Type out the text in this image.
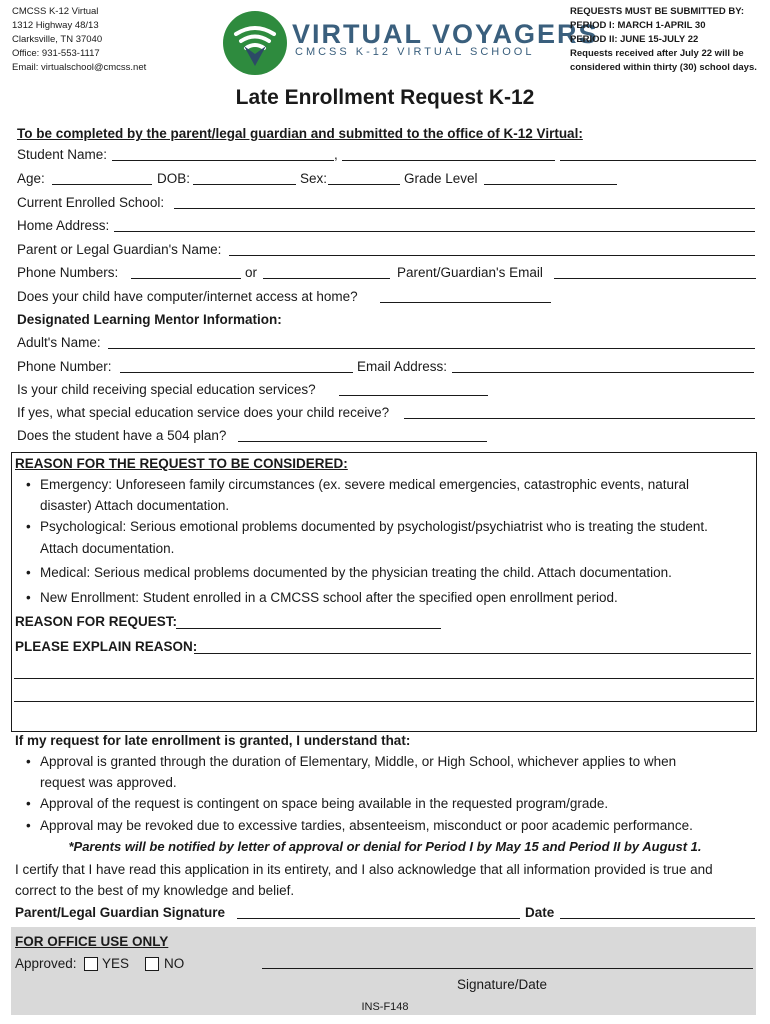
CMCSS K-12 Virtual
1312 Highway 48/13
Clarksville, TN 37040
Office: 931-553-1117
Email: virtualschool@cmcss.net
VIRTUAL VOYAGERS
CMCSS K-12 VIRTUAL SCHOOL
REQUESTS MUST BE SUBMITTED BY:
PERIOD I: MARCH 1-APRIL 30
PERIOD II: JUNE 15-JULY 22
Requests received after July 22 will be
considered within thirty (30) school days.
Late Enrollment Request K-12
To be completed by the parent/legal guardian and submitted to the office of K-12 Virtual:
Student Name:	,
Age:	DOB:	Sex:	Grade Level
Current Enrolled School:
Home Address:
Parent or Legal Guardian's Name:
Phone Numbers:	or	Parent/Guardian's Email
Does your child have computer/internet access at home?
Designated Learning Mentor Information:
Adult's Name:
Phone Number:	Email Address:
Is your child receiving special education services?
If yes, what special education service does your child receive?
Does the student have a 504 plan?
REASON FOR THE REQUEST TO BE CONSIDERED:
• Emergency: Unforeseen family circumstances (ex. severe medical emergencies, catastrophic events, natural
disaster) Attach documentation.
• Psychological: Serious emotional problems documented by psychologist/psychiatrist who is treating the student.
Attach documentation.
• Medical: Serious medical problems documented by the physician treating the child. Attach documentation.
• New Enrollment: Student enrolled in a CMCSS school after the specified open enrollment period.
REASON FOR REQUEST:
PLEASE EXPLAIN REASON:
If my request for late enrollment is granted, I understand that:
• Approval is granted through the duration of Elementary, Middle, or High School, whichever applies to when
request was approved.
• Approval of the request is contingent on space being available in the requested program/grade.
• Approval may be revoked due to excessive tardies, absenteeism, misconduct or poor academic performance.
*Parents will be notified by letter of approval or denial for Period I by May 15 and Period II by August 1.
I certify that I have read this application in its entirety, and I also acknowledge that all information provided is true and
correct to the best of my knowledge and belief.
Parent/Legal Guardian Signature	Date
FOR OFFICE USE ONLY
Approved: YES	NO
Signature/Date
INS-F148
